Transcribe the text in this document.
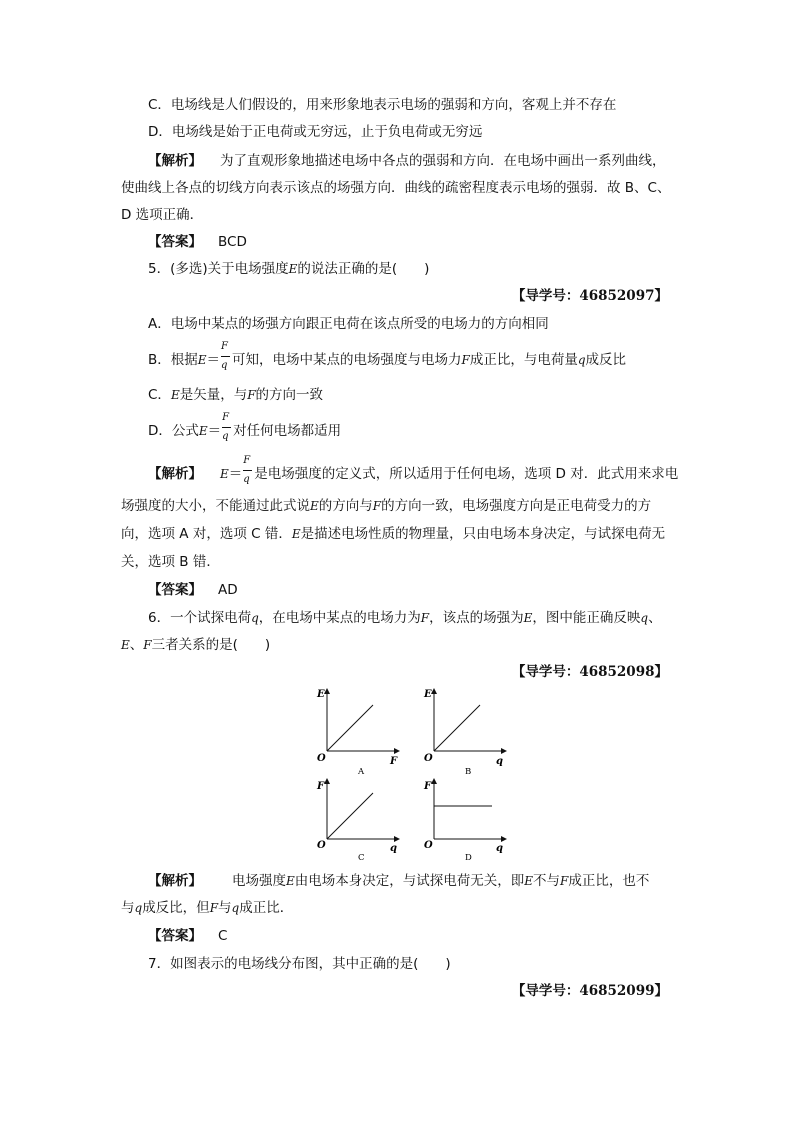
C．电场线是人们假设的，用来形象地表示电场的强弱和方向，客观上并不存在
D．电场线是始于正电荷或无穷远，止于负电荷或无穷远
【解析】 为了直观形象地描述电场中各点的强弱和方向．在电场中画出一系列曲线，
使曲线上各点的切线方向表示该点的场强方向．曲线的疏密程度表示电场的强弱．故 B、C、
D 选项正确．
【答案】 BCD
5．(多选)关于电场强度E的说法正确的是(　　)
【导学号：46852097】
A．电场中某点的场强方向跟正电荷在该点所受的电场力的方向相同
B．根据$E= \frac{F}{q}$ 可知，电场中某点的电场强度与电场力F成正比，与电荷量q成反比
C．E是矢量，与F的方向一致
D．公式$E= \frac{F}{q}$ 对任何电场都适用
【解析】 $E= \frac{F}{q}$ 是电场强度的定义式，所以适用于任何电场，选项 D 对．此式用来求电
场强度的大小，不能通过此式说E的方向与F的方向一致，电场强度方向是正电荷受力的方
向，选项 A 对，选项 C 错．E是描述电场性质的物理量，只由电场本身决定，与试探电荷无
关，选项 B 错．
【答案】 AD
6．一个试探电荷q，在电场中某点的电场力为F，该点的场强为E，图中能正确反映q、
E、F三者关系的是(　　)
【导学号：46852098】
E
F
O
A
E
q
O
B
F
q
O
C
F
q
O
D
【解析】 电场强度E由电场本身决定，与试探电荷无关，即E不与F成正比，也不
与q成反比，但F与q成正比．
【答案】 C
7．如图表示的电场线分布图，其中正确的是(　　)
【导学号：46852099】
